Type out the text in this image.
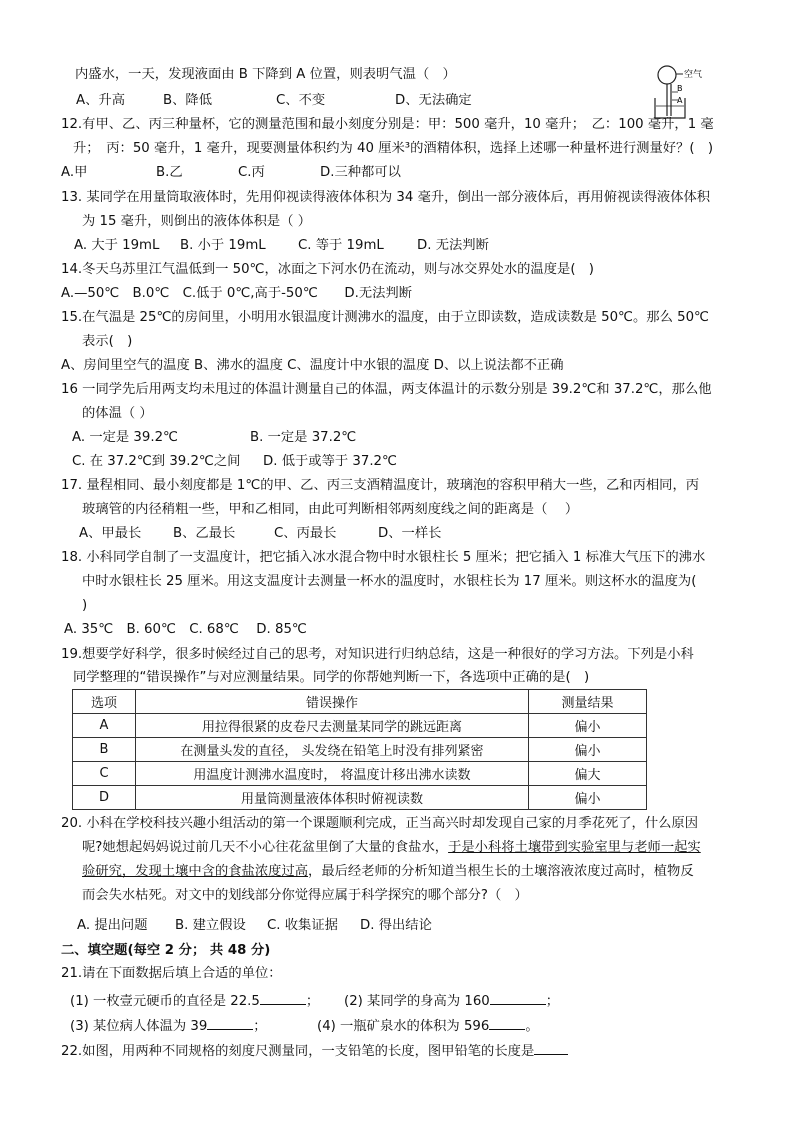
空气
B
A
内盛水，一天，发现液面由 B 下降到 A 位置，则表明气温（　）
A、升高	B、降低	C、不变	D、无法确定
12.有甲、乙、丙三种量杯，它的测量范围和最小刻度分别是：甲：500 毫升，10 毫升；　乙：100 毫升，1 毫
升；　丙：50 毫升，1 毫升，现要测量体积约为 40 厘米³的酒精体积，选择上述哪一种量杯进行测量好？(　)
A.甲	B.乙	C.丙	D.三种都可以
13. 某同学在用量筒取液体时，先用仰视读得液体体积为 34 毫升，倒出一部分液体后，再用俯视读得液体体积
为 15 毫升，则倒出的液体体积是（ ）
A. 大于 19mL B. 小于 19mL C. 等于 19mL D. 无法判断
14.冬天乌苏里江气温低到一 50℃，冰面之下河水仍在流动，则与冰交界处水的温度是(　)
A.—50℃　B.0℃　C.低于 0℃,高于-50℃　　D.无法判断
15.在气温是 25℃的房间里，小明用水银温度计测沸水的温度，由于立即读数，造成读数是 50℃。那么 50℃
表示(　)
A、房间里空气的温度 B、沸水的温度 C、温度计中水银的温度 D、以上说法都不正确
16 一同学先后用两支均未甩过的体温计测量自己的体温，两支体温计的示数分别是 39.2℃和 37.2℃，那么他
的体温（ ）
A. 一定是 39.2℃	B. 一定是 37.2℃
C. 在 37.2℃到 39.2℃之间 D. 低于或等于 37.2℃
17. 量程相同、最小刻度都是 1℃的甲、乙、丙三支酒精温度计，玻璃泡的容积甲稍大一些，乙和丙相同，丙
玻璃管的内径稍粗一些，甲和乙相同，由此可判断相邻两刻度线之间的距离是（　 ）
A、甲最长 B、乙最长	C、丙最长	D、一样长
18. 小科同学自制了一支温度计，把它插入冰水混合物中时水银柱长 5 厘米；把它插入 1 标准大气压下的沸水
中时水银柱长 25 厘米。用这支温度计去测量一杯水的温度时，水银柱长为 17 厘米。则这杯水的温度为(
)
A. 35℃　B. 60℃　C. 68℃　 D. 85℃
19.想要学好科学，很多时候经过自己的思考，对知识进行归纳总结，这是一种很好的学习方法。下列是小科
同学整理的“错误操作”与对应测量结果。同学的你帮她判断一下，各选项中正确的是(　)
选项	错误操作	测量结果
A	用拉得很紧的皮卷尺去测量某同学的跳远距离	偏小
B	在测量头发的直径， 头发绕在铅笔上时没有排列紧密	偏小
C	用温度计测沸水温度时， 将温度计移出沸水读数	偏大
D	用量筒测量液体体积时俯视读数	偏小
20. 小科在学校科技兴趣小组活动的第一个课题顺利完成，正当高兴时却发现自己家的月季花死了，什么原因
呢?她想起妈妈说过前几天不小心往花盆里倒了大量的食盐水，于是小科将土壤带到实验室里与老师一起实
验研究，发现土壤中含的食盐浓度过高，最后经老师的分析知道当根生长的土壤溶液浓度过高时，植物反
而会失水枯死。对文中的划线部分你觉得应属于科学探究的哪个部分?（　）
A. 提出问题 B. 建立假设 C. 收集证据 D. 得出结论
二、填空题(每空 2 分； 共 48 分)
21.请在下面数据后填上合适的单位：
(1) 一枚壹元硬币的直径是 22.5	； (2) 某同学的身高为 160	；
(3) 某位病人体温为 39	；	(4) 一瓶矿泉水的体积为 596	。
22.如图，用两种不同规格的刻度尺测量同，一支铅笔的长度，图甲铅笔的长度是
